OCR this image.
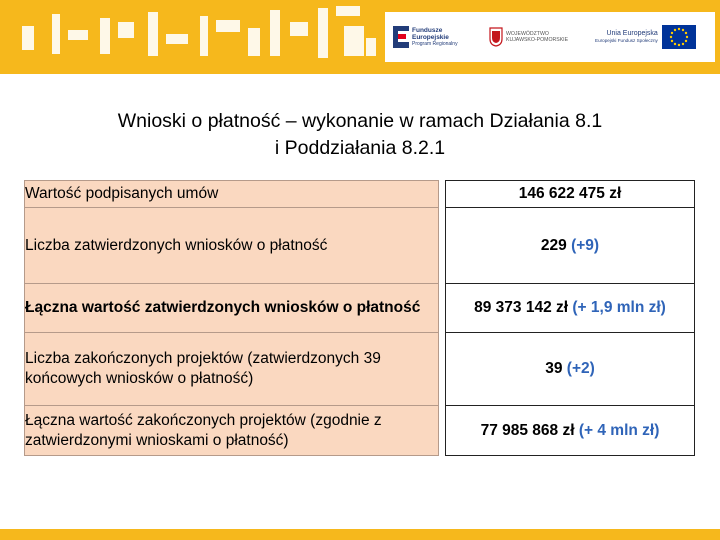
Fundusze
Europejskie
Program Regionalny
WOJEWÓDZTWO
KUJAWSKO-POMORSKIE
Unia Europejska
Europejski Fundusz Społeczny
Wnioski o płatność – wykonanie w ramach Działania 8.1
i Poddziałania 8.2.1
Wartość podpisanych umów		146 622 475 zł
Liczba zatwierdzonych wniosków o płatność		229 (+9)
Łączna wartość zatwierdzonych wniosków o płatność		89 373 142 zł (+ 1,9 mln zł)
Liczba zakończonych projektów (zatwierdzonych 39 końcowych wniosków o płatność)		39 (+2)
Łączna wartość zakończonych projektów (zgodnie z zatwierdzonymi wnioskami o płatność)		77 985 868 zł (+ 4 mln zł)
